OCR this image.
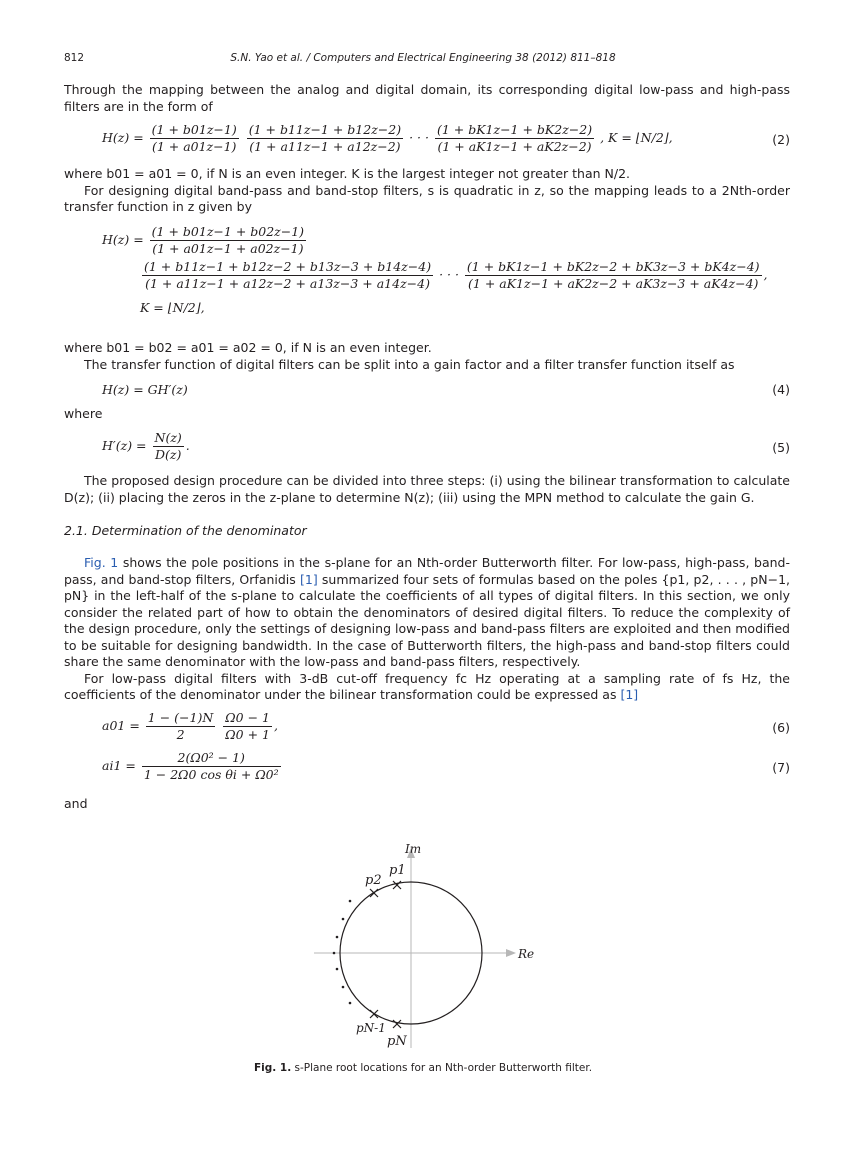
812	S.N. Yao et al. / Computers and Electrical Engineering 38 (2012) 811–818

Through the mapping between the analog and digital domain, its corresponding digital low-pass and high-pass filters are in the form of

$H(z) = \frac{(1 + b01z-1)}{(1 + a01z-1)}$
$\frac{(1 + b11z-1 + b12z-2)}{(1 + a11z-1 + a12z-2)}$ · · · $\frac{(1 + bK1z-1 + bK2z-2)}{(1 + aK1z-1 + aK2z-2)}$ , K = ⌊N/2⌋,	(2)

where b01 = a01 = 0, if N is an even integer. K is the largest integer not greater than N/2.

For designing digital band-pass and band-stop filters, s is quadratic in z, so the mapping leads to a 2Nth-order transfer function in z given by

$H(z) = \frac{(1 + b01z-1 + b02z-1)}{(1 + a01z-1 + a02z-1)}$
$\frac{(1 + b11z-1 + b12z-2 + b13z-3 + b14z-4)}{(1 + a11z-1 + a12z-2 + a13z-3 + a14z-4)}$ · · · $\frac{(1 + bK1z-1 + bK2z-2 + bK3z-3 + bK4z-4)}{(1 + aK1z-1 + aK2z-2 + aK3z-3 + aK4z-4)}$ ,
K = ⌊N/2⌋,

where b01 = b02 = a01 = a02 = 0, if N is an even integer.

The transfer function of digital filters can be split into a gain factor and a filter transfer function itself as

H(z) = GH′(z)	(4)

where

$H'(z) = \frac{N(z)}{D(z)}$ .	(5)

The proposed design procedure can be divided into three steps: (i) using the bilinear transformation to calculate D(z); (ii) placing the zeros in the z-plane to determine N(z); (iii) using the MPN method to calculate the gain G.

2.1. Determination of the denominator

Fig. 1 shows the pole positions in the s-plane for an Nth-order Butterworth filter. For low-pass, high-pass, band-pass, and band-stop filters, Orfanidis [1] summarized four sets of formulas based on the poles {p1, p2, . . . , pN−1, pN} in the left-half of the s-plane to calculate the coefficients of all types of digital filters. In this section, we only consider the related part of how to obtain the denominators of desired digital filters. To reduce the complexity of the design procedure, only the settings of designing low-pass and band-pass filters are exploited and then modified to be suitable for designing bandwidth. In the case of Butterworth filters, the high-pass and band-stop filters could share the same denominator with the low-pass and band-pass filters, respectively.

For low-pass digital filters with 3-dB cut-off frequency fc Hz operating at a sampling rate of fs Hz, the coefficients of the denominator under the bilinear transformation could be expressed as [1]

$a01 = \frac{1 - (-1)N}{2}$
$\frac{\Omega 0 - 1}{\Omega 0 + 1}$ ,	(6)
$ai1 = \frac{\text{2(Ω0² − 1)}}{\text{1 − 2Ω0 cos θi + Ω0²}}$	(7)

and

Im
Re
p1
p2
pN-1
pN
Fig. 1. s-Plane root locations for an Nth-order Butterworth filter.
